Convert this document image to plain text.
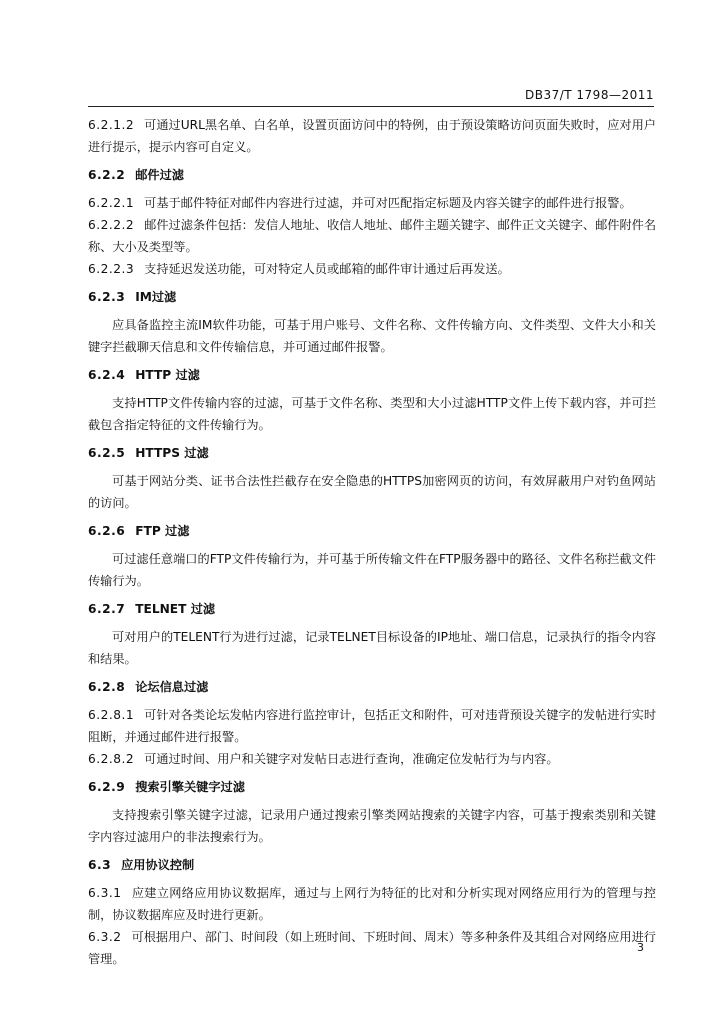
DB37/T 1798—2011

6.2.1.2 可通过URL黑名单、白名单，设置页面访问中的特例，由于预设策略访问页面失败时，应对用户进行提示，提示内容可自定义。

6.2.2 邮件过滤

6.2.2.1 可基于邮件特征对邮件内容进行过滤，并可对匹配指定标题及内容关键字的邮件进行报警。

6.2.2.2 邮件过滤条件包括：发信人地址、收信人地址、邮件主题关键字、邮件正文关键字、邮件附件名称、大小及类型等。

6.2.2.3 支持延迟发送功能，可对特定人员或邮箱的邮件审计通过后再发送。

6.2.3 IM过滤

应具备监控主流IM软件功能，可基于用户账号、文件名称、文件传输方向、文件类型、文件大小和关键字拦截聊天信息和文件传输信息，并可通过邮件报警。

6.2.4 HTTP 过滤

支持HTTP文件传输内容的过滤，可基于文件名称、类型和大小过滤HTTP文件上传下载内容，并可拦截包含指定特征的文件传输行为。

6.2.5 HTTPS 过滤

可基于网站分类、证书合法性拦截存在安全隐患的HTTPS加密网页的访问，有效屏蔽用户对钓鱼网站的访问。

6.2.6 FTP 过滤

可过滤任意端口的FTP文件传输行为，并可基于所传输文件在FTP服务器中的路径、文件名称拦截文件传输行为。

6.2.7 TELNET 过滤

可对用户的TELENT行为进行过滤，记录TELNET目标设备的IP地址、端口信息，记录执行的指令内容和结果。

6.2.8 论坛信息过滤

6.2.8.1 可针对各类论坛发帖内容进行监控审计，包括正文和附件，可对违背预设关键字的发帖进行实时阻断，并通过邮件进行报警。

6.2.8.2 可通过时间、用户和关键字对发帖日志进行查询，准确定位发帖行为与内容。

6.2.9 搜索引擎关键字过滤

支持搜索引擎关键字过滤，记录用户通过搜索引擎类网站搜索的关键字内容，可基于搜索类别和关键字内容过滤用户的非法搜索行为。

6.3 应用协议控制

6.3.1 应建立网络应用协议数据库，通过与上网行为特征的比对和分析实现对网络应用行为的管理与控制，协议数据库应及时进行更新。

6.3.2 可根据用户、部门、时间段（如上班时间、下班时间、周末）等多种条件及其组合对网络应用进行管理。

3
